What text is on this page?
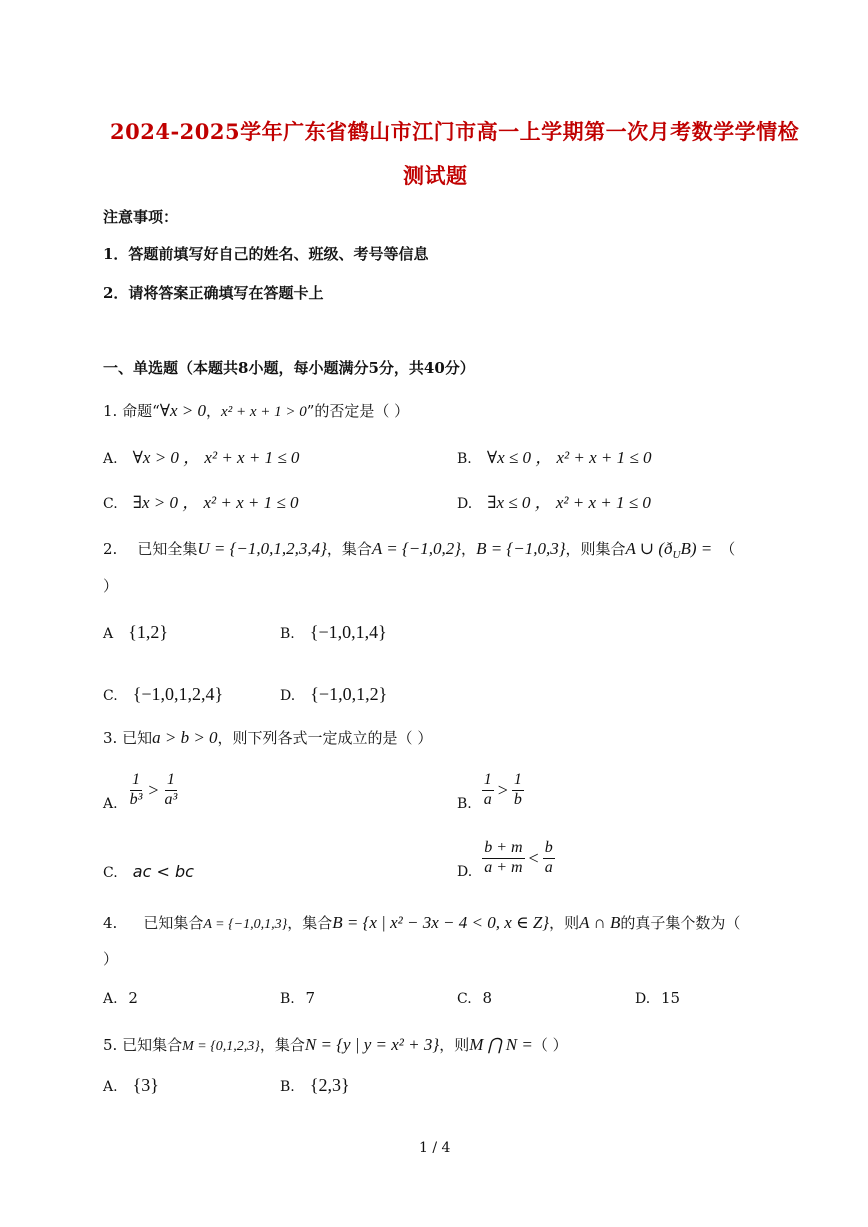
2024-2025学年广东省鹤山市江门市高一上学期第一次月考数学学情检
测试题
注意事项：
1．答题前填写好自己的姓名、班级、考号等信息
2．请将答案正确填写在答题卡上
一、单选题（本题共8小题，每小题满分5分，共40分）
1. 命题“∀x > 0，x² + x + 1 > 0”的否定是（ ）
A. ∀x > 0 ， x² + x + 1 ≤ 0	B. ∀x ≤ 0 ， x² + x + 1 ≤ 0
C. ∃x > 0 ， x² + x + 1 ≤ 0	D. ∃x ≤ 0 ， x² + x + 1 ≤ 0
2. 已知全集U = {−1,0,1,2,3,4}，集合A = {−1,0,2}，B = {−1,0,3}，则集合A ∪ $(ð_UB)$ = （
）
A {1,2}	B. {−1,0,1,4}
C. {−1,0,1,2,4}	D. {−1,0,1,2}
3. 已知a > b > 0，则下列各式一定成立的是（ ）
A. $\frac{1}{\text{b³}} > \frac{1}{\text{a³}}$	B. $\frac{1}{a} > \frac{1}{b}$
C. ac < bc	D. $\frac{b + m}{a + m} < \frac{b}{a}$
4. 已知集合A = {−1,0,1,3}，集合B = {x | x² − 3x − 4 < 0, x ∈ Z}，则A ∩ B的真子集个数为（
）
A. 2	B. 7	C. 8	D. 15
5. 已知集合M = {0,1,2,3}，集合N = {y | y = x² + 3}，则M ⋂ N =（ ）
A. {3}	B. {2,3}
1 / 4
